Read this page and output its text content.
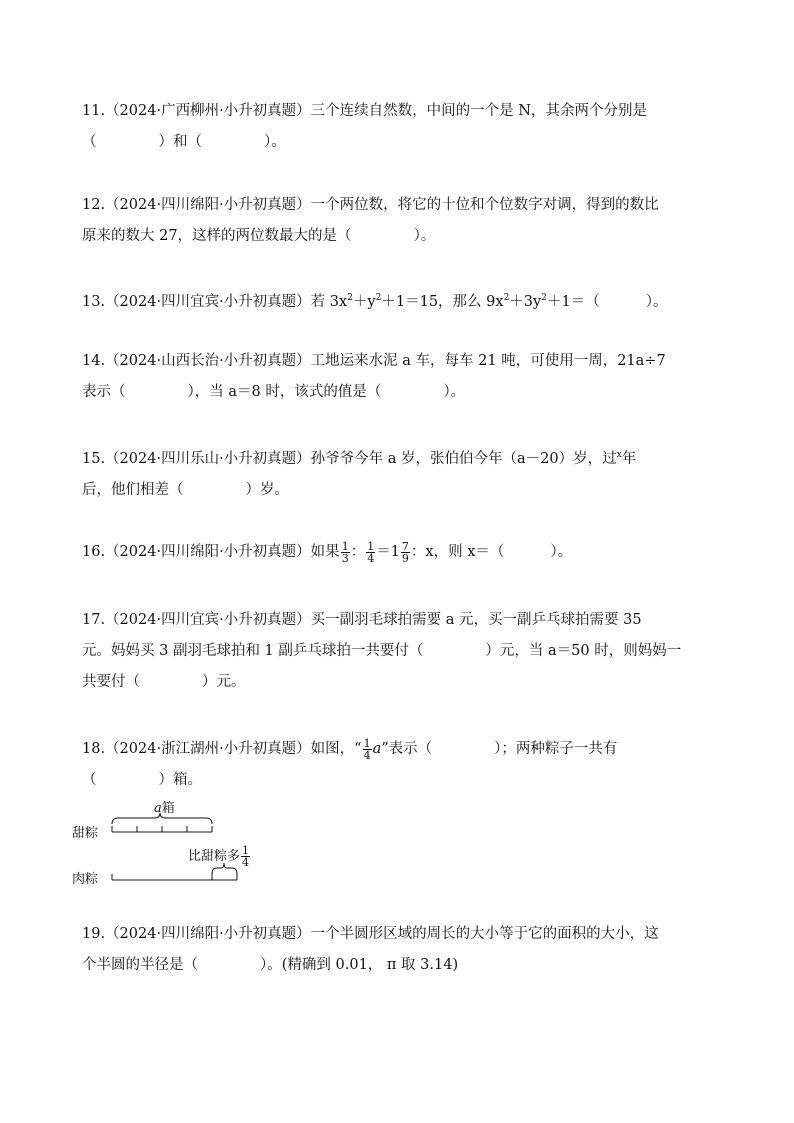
11.（2024·广西柳州·小升初真题）三个连续自然数，中间的一个是 N，其余两个分别是
（	）和（	）。
12.（2024·四川绵阳·小升初真题）一个两位数，将它的十位和个位数字对调，得到的数比
原来的数大 27，这样的两位数最大的是（	）。
13.（2024·四川宜宾·小升初真题）若 $3x^2+y^2+1=15$，那么 $9x^2+3y^2+1=$（	）。
14.（2024·山西长治·小升初真题）工地运来水泥 a 车，每车 21 吨，可使用一周，21a÷7
表示（	），当 a＝8 时，该式的值是（	）。
15.（2024·四川乐山·小升初真题）孙爷爷今年 a 岁，张伯伯今年（a－20）岁，过$^x$年
后，他们相差（	）岁。
16.（2024·四川绵阳·小升初真题）如果 $\frac{1}{3}$ ： $\frac{1}{4} =1 \frac{7}{9}$ ：x，则 x＝（	）。
17.（2024·四川宜宾·小升初真题）买一副羽毛球拍需要 a 元，买一副乒乓球拍需要 35
元。妈妈买 3 副羽毛球拍和 1 副乒乓球拍一共要付（	）元，当 a＝50 时，则妈妈一
共要付（	）元。
18.（2024·浙江湖州·小升初真题）如图，“ $\frac{1}{4} a$”表示（	）；两种粽子一共有
（	）箱。
a箱
甜粽
肉粽
比甜粽多 $\frac{1}{4}$
19.（2024·四川绵阳·小升初真题）一个半圆形区域的周长的大小等于它的面积的大小，这
个半圆的半径是（	）。(精确到 0.01， π 取 3.14)
